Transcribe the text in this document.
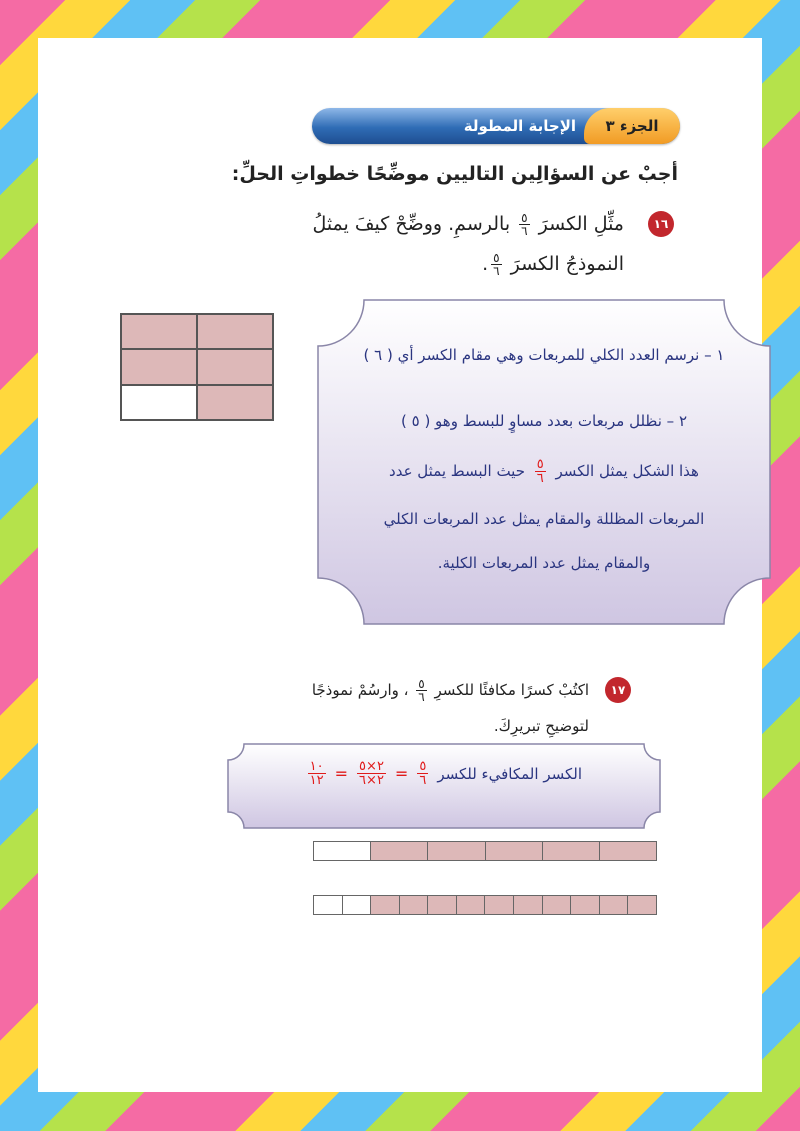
الجزء ٣
الإجابة المطولة
أجبْ عن السؤالِين التاليين موضِّحًا خطواتِ الحلِّ:
١٦
مثِّلِ الكسرَ
٥
٦
بالرسمِ. ووضِّحْ كيفَ يمثلُ
النموذجُ الكسرَ
٥
٦
.
١ – نرسم العدد الكلي للمربعات وهي مقام الكسر أي ( ٦ )
٢ – نظلل مربعات بعدد مساوٍ للبسط وهو ( ٥ )
هذا الشكل يمثل الكسر
٥
٦
حيث البسط يمثل عدد
المربعات المظللة والمقام يمثل عدد المربعات الكلي
والمقام يمثل عدد المربعات الكلية.
١٧
اكتُبْ كسرًا مكافئًا للكسرِ
٥
٦
، وارسُمْ نموذجًا
لتوضيحِ تبريرِكَ.
الكسر المكافيء للكسر
٥
٦
=
٢×٥
٢×٦
=
١٠
١٢
